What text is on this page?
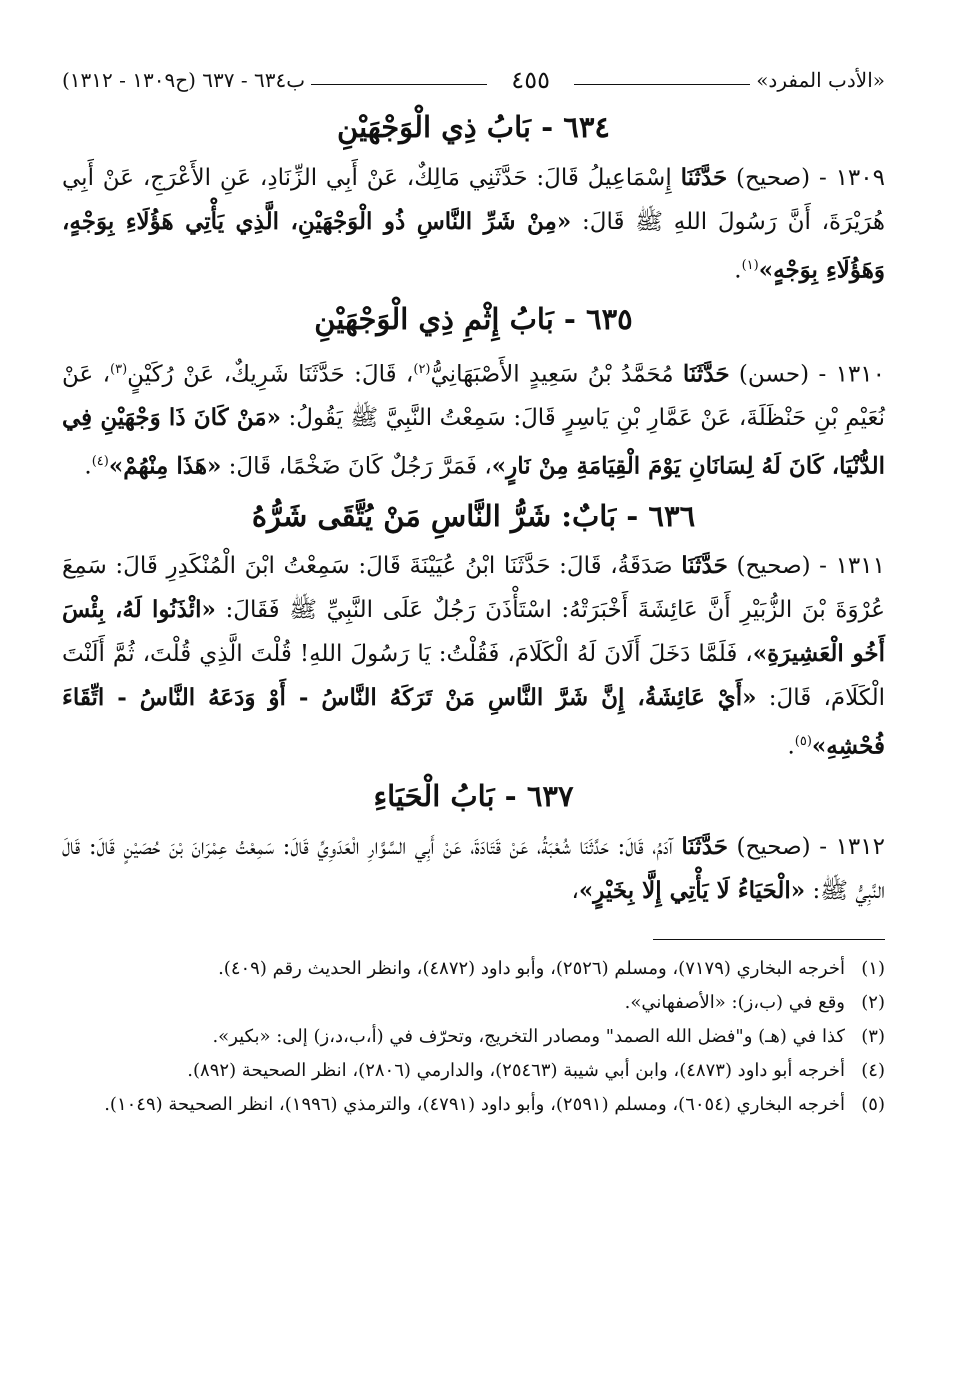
«الأدب المفرد»
٤٥٥
ب٦٣٤ - ٦٣٧ (ح١٣٠٩ - ١٣١٢)
٦٣٤ - بَابُ ذِي الْوَجْهَيْنِ

١٣٠٩ - (صحيح) حَدَّثَنَا إِسْمَاعِيلُ قَالَ: حَدَّثَنِي مَالِكٌ، عَنْ أَبِي الزِّنَادِ، عَنِ الأَعْرَجِ، عَنْ أَبِي هُرَيْرَةَ، أَنَّ رَسُولَ اللهِ ﷺ قَالَ: «مِنْ شَرِّ النَّاسِ ذُو الْوَجْهَيْنِ، الَّذِي يَأْتِي هَؤُلَاءِ بِوَجْهٍ، وَهَؤُلَاءِ بِوَجْهٍ»$^{(١)}$.

٦٣٥ - بَابُ إِثْمِ ذِي الْوَجْهَيْنِ

١٣١٠ - (حسن) حَدَّثَنَا مُحَمَّدُ بْنُ سَعِيدٍ الأَصْبَهَانِيُّ$^{(٢)}$، قَالَ: حَدَّثَنَا شَرِيكٌ، عَنْ رُكَيْنٍ$^{(٣)}$، عَنْ نُعَيْمِ بْنِ حَنْظَلَةَ، عَنْ عَمَّارِ بْنِ يَاسِرٍ قَالَ: سَمِعْتُ النَّبِيَّ ﷺ يَقُولُ: «مَنْ كَانَ ذَا وَجْهَيْنِ فِي الدُّنْيَا، كَانَ لَهُ لِسَانَانِ يَوْمَ الْقِيَامَةِ مِنْ نَارٍ»، فَمَرَّ رَجُلٌ كَانَ ضَخْمًا، قَالَ: «هَذَا مِنْهُمْ»$^{(٤)}$.

٦٣٦ - بَابٌ: شَرُّ النَّاسِ مَنْ يُتَّقَى شَرُّهُ

١٣١١ - (صحيح) حَدَّثَنَا صَدَقَةُ، قَالَ: حَدَّثَنَا ابْنُ عُيَيْنَةَ قَالَ: سَمِعْتُ ابْنَ الْمُنْكَدِرِ قَالَ: سَمِعَ عُرْوَةَ بْنَ الزُّبَيْرِ أَنَّ عَائِشَةَ أَخْبَرَتْهُ: اسْتَأْذَنَ رَجُلٌ عَلَى النَّبِيِّ ﷺ فَقَالَ: «ائْذَنُوا لَهُ، بِئْسَ أَخُو الْعَشِيرَةِ»، فَلَمَّا دَخَلَ أَلَانَ لَهُ الْكَلَامَ، فَقُلْتُ: يَا رَسُولَ اللهِ! قُلْتَ الَّذِي قُلْتَ، ثُمَّ أَلَنْتَ الْكَلَامَ، قَالَ: «أَيْ عَائِشَةُ، إِنَّ شَرَّ النَّاسِ مَنْ تَرَكَهُ النَّاسُ - أَوْ وَدَعَهُ النَّاسُ - اتِّقَاءَ فُحْشِهِ»$^{(٥)}$.

٦٣٧ - بَابُ الْحَيَاءِ

١٣١٢ - (صحيح) حَدَّثَنَا آدَمُ، قَالَ: حَدَّثَنَا شُعْبَةُ، عَنْ قَتَادَةَ، عَنْ أَبِي السَّوَّارِ الْعَدَوِيِّ قَالَ: سَمِعْتُ عِمْرَانَ بْنَ حُصَيْنٍ قَالَ: قَالَ النَّبِيُّ ﷺ: «الْحَيَاءُ لَا يَأْتِي إِلَّا بِخَيْرٍ»،

(١)
أخرجه البخاري (٧١٧٩)، ومسلم (٢٥٢٦)، وأبو داود (٤٨٧٢)، وانظر الحديث رقم (٤٠٩).
(٢)
وقع في (ب،ز): «الأصفهاني».
(٣)
كذا في (هـ) و"فضل الله الصمد" ومصادر التخريج، وتحرّف في (أ،ب،د،ز) إلى: «بكير».
(٤)
أخرجه أبو داود (٤٨٧٣)، وابن أبي شيبة (٢٥٤٦٣)، والدارمي (٢٨٠٦)، انظر الصحيحة (٨٩٢).
(٥)
أخرجه البخاري (٦٠٥٤)، ومسلم (٢٥٩١)، وأبو داود (٤٧٩١)، والترمذي (١٩٩٦)، انظر الصحيحة (١٠٤٩).
